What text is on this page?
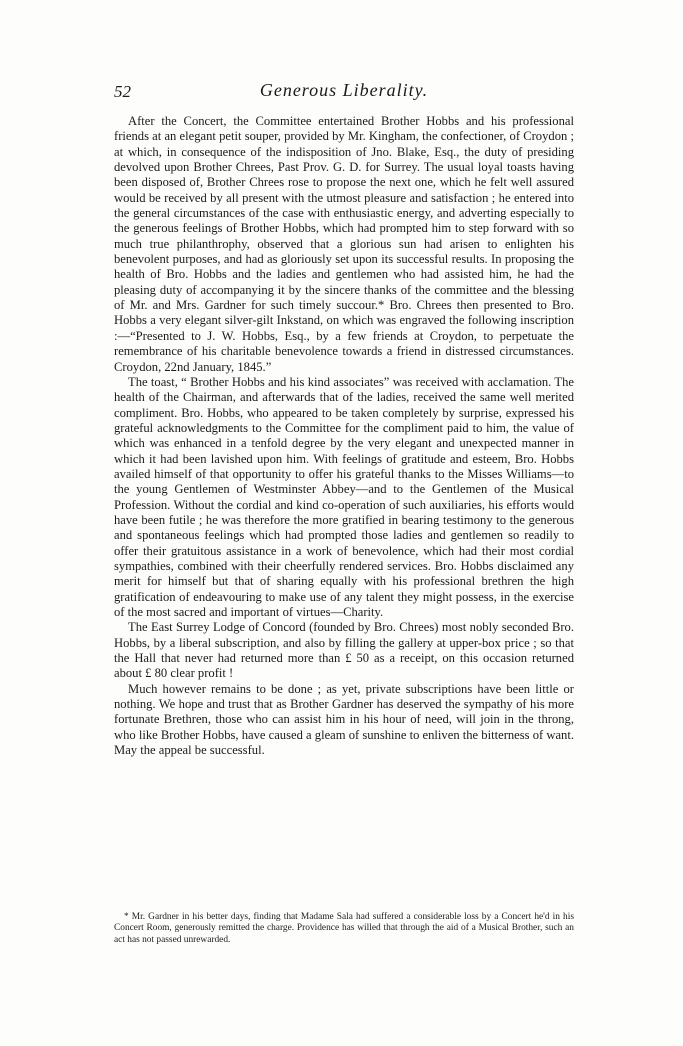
52	Generous Liberality.

After the Concert, the Committee entertained Brother Hobbs and his professional friends at an elegant petit souper, provided by Mr. Kingham, the confectioner, of Croydon ; at which, in consequence of the indisposition of Jno. Blake, Esq., the duty of presiding devolved upon Brother Chrees, Past Prov. G. D. for Surrey. The usual loyal toasts having been disposed of, Brother Chrees rose to propose the next one, which he felt well assured would be received by all present with the utmost pleasure and satisfaction ; he entered into the general circumstances of the case with enthusiastic energy, and adverting especially to the generous feelings of Brother Hobbs, which had prompted him to step forward with so much true philanthrophy, observed that a glorious sun had arisen to enlighten his benevolent purposes, and had as gloriously set upon its successful results. In proposing the health of Bro. Hobbs and the ladies and gentlemen who had assisted him, he had the pleasing duty of accompanying it by the sincere thanks of the committee and the blessing of Mr. and Mrs. Gardner for such timely succour.* Bro. Chrees then presented to Bro. Hobbs a very elegant silver-gilt Inkstand, on which was engraved the following inscription :—“Presented to J. W. Hobbs, Esq., by a few friends at Croydon, to perpetuate the remembrance of his charitable benevolence towards a friend in distressed circumstances. Croydon, 22nd January, 1845.”

The toast, “ Brother Hobbs and his kind associates” was received with acclamation. The health of the Chairman, and afterwards that of the ladies, received the same well merited compliment. Bro. Hobbs, who appeared to be taken completely by surprise, expressed his grateful acknowledgments to the Committee for the compliment paid to him, the value of which was enhanced in a tenfold degree by the very elegant and unexpected manner in which it had been lavished upon him. With feelings of gratitude and esteem, Bro. Hobbs availed himself of that opportunity to offer his grateful thanks to the Misses Williams—to the young Gentlemen of Westminster Abbey—and to the Gentlemen of the Musical Profession. Without the cordial and kind co-operation of such auxiliaries, his efforts would have been futile ; he was therefore the more gratified in bearing testimony to the generous and spontaneous feelings which had prompted those ladies and gentlemen so readily to offer their gratuitous assistance in a work of benevolence, which had their most cordial sympathies, combined with their cheerfully rendered services. Bro. Hobbs disclaimed any merit for himself but that of sharing equally with his professional brethren the high gratification of endeavouring to make use of any talent they might possess, in the exercise of the most sacred and important of virtues—Charity.

The East Surrey Lodge of Concord (founded by Bro. Chrees) most nobly seconded Bro. Hobbs, by a liberal subscription, and also by filling the gallery at upper-box price ; so that the Hall that never had returned more than £ 50 as a receipt, on this occasion returned about £ 80 clear profit !

Much however remains to be done ; as yet, private subscriptions have been little or nothing. We hope and trust that as Brother Gardner has deserved the sympathy of his more fortunate Brethren, those who can assist him in his hour of need, will join in the throng, who like Brother Hobbs, have caused a gleam of sunshine to enliven the bitterness of want. May the appeal be successful.

* Mr. Gardner in his better days, finding that Madame Sala had suffered a considerable loss by a Concert he'd in his Concert Room, generously remitted the charge. Providence has willed that through the aid of a Musical Brother, such an act has not passed unrewarded.
